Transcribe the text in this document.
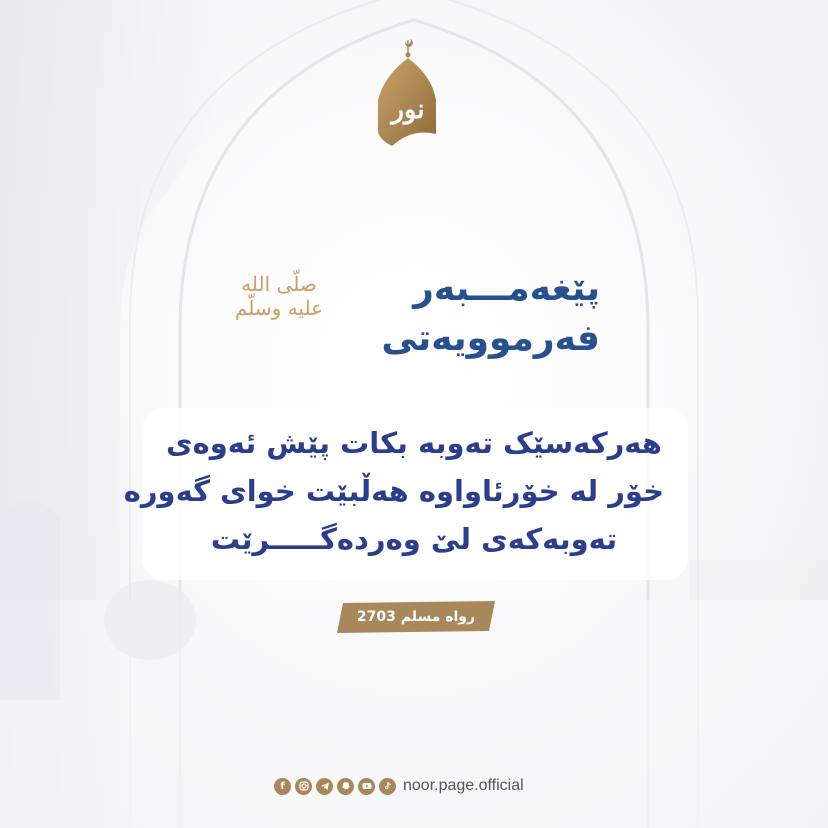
نور
صلّى الله عليه وسلّم	پێغەمـــبەر
فەرموویەتی
هەرکەسێک تەوبە بکات پێش ئەوەی
خۆر لە خۆرئاواوە هەڵبێت خوای گەورە
تەوبەکەی لێ وەردەگـــــرێت
رواه مسلم 2703
f	noor.page.official
